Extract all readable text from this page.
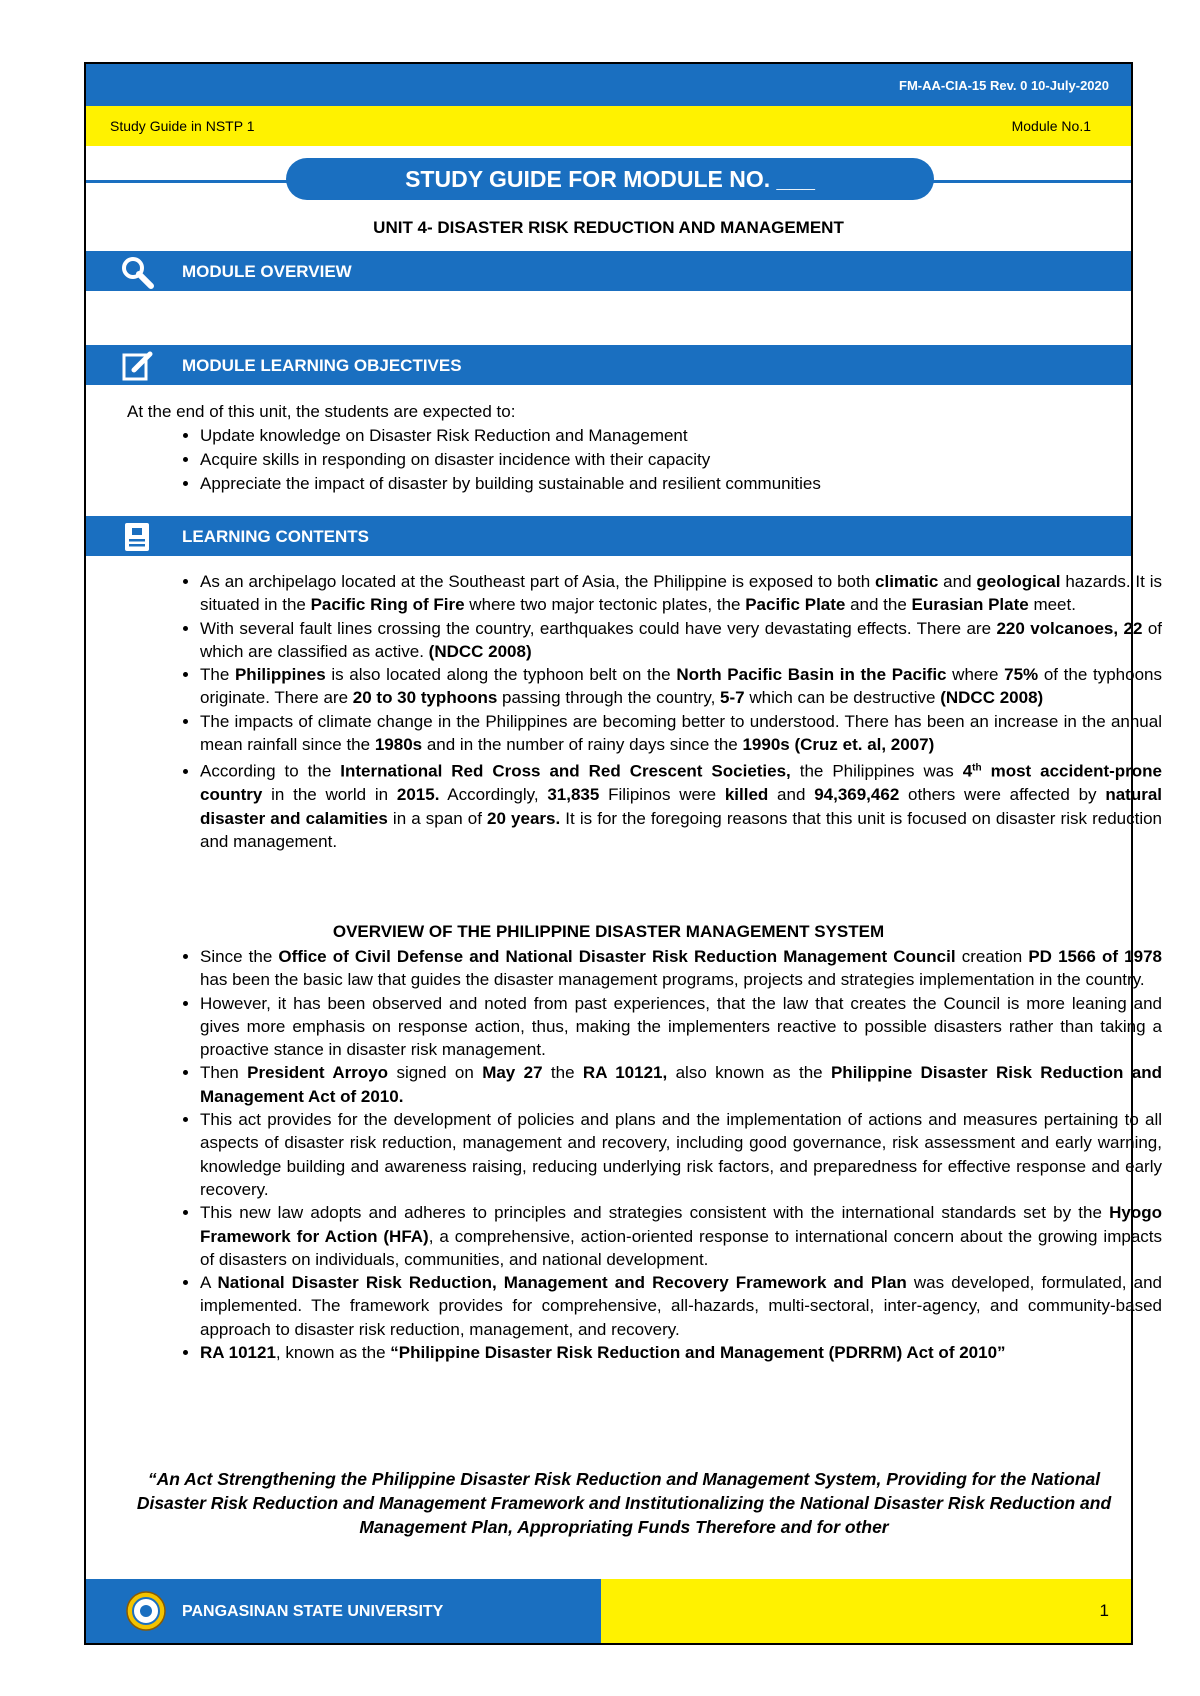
FM-AA-CIA-15 Rev. 0 10-July-2020
Study Guide in NSTP 1	Module No.1
STUDY GUIDE FOR MODULE NO. ___
UNIT 4- DISASTER RISK REDUCTION AND MANAGEMENT
MODULE OVERVIEW
MODULE LEARNING OBJECTIVES
At the end of this unit, the students are expected to:
• Update knowledge on Disaster Risk Reduction and Management
• Acquire skills in responding on disaster incidence with their capacity
• Appreciate the impact of disaster by building sustainable and resilient communities
LEARNING CONTENTS
• As an archipelago located at the Southeast part of Asia, the Philippine is exposed to both climatic and geological hazards. It is situated in the Pacific Ring of Fire where two major tectonic plates, the Pacific Plate and the Eurasian Plate meet.
• With several fault lines crossing the country, earthquakes could have very devastating effects. There are 220 volcanoes, 22 of which are classified as active. (NDCC 2008)
• The Philippines is also located along the typhoon belt on the North Pacific Basin in the Pacific where 75% of the typhoons originate. There are 20 to 30 typhoons passing through the country, 5-7 which can be destructive (NDCC 2008)
• The impacts of climate change in the Philippines are becoming better to understood. There has been an increase in the annual mean rainfall since the 1980s and in the number of rainy days since the 1990s (Cruz et. al, 2007)
• According to the International Red Cross and Red Crescent Societies, the Philippines was 4th most accident-prone country in the world in 2015. Accordingly, 31,835 Filipinos were killed and 94,369,462 others were affected by natural disaster and calamities in a span of 20 years. It is for the foregoing reasons that this unit is focused on disaster risk reduction and management.
OVERVIEW OF THE PHILIPPINE DISASTER MANAGEMENT SYSTEM
• Since the Office of Civil Defense and National Disaster Risk Reduction Management Council creation PD 1566 of 1978 has been the basic law that guides the disaster management programs, projects and strategies implementation in the country.
• However, it has been observed and noted from past experiences, that the law that creates the Council is more leaning and gives more emphasis on response action, thus, making the implementers reactive to possible disasters rather than taking a proactive stance in disaster risk management.
• Then President Arroyo signed on May 27 the RA 10121, also known as the Philippine Disaster Risk Reduction and Management Act of 2010.
• This act provides for the development of policies and plans and the implementation of actions and measures pertaining to all aspects of disaster risk reduction, management and recovery, including good governance, risk assessment and early warning, knowledge building and awareness raising, reducing underlying risk factors, and preparedness for effective response and early recovery.
• This new law adopts and adheres to principles and strategies consistent with the international standards set by the Hyogo Framework for Action (HFA), a comprehensive, action-oriented response to international concern about the growing impacts of disasters on individuals, communities, and national development.
• A National Disaster Risk Reduction, Management and Recovery Framework and Plan was developed, formulated, and implemented. The framework provides for comprehensive, all-hazards, multi-sectoral, inter-agency, and community-based approach to disaster risk reduction, management, and recovery.
• RA 10121, known as the “Philippine Disaster Risk Reduction and Management (PDRRM) Act of 2010”
“An Act Strengthening the Philippine Disaster Risk Reduction and Management System, Providing for the National Disaster Risk Reduction and Management Framework and Institutionalizing the National Disaster Risk Reduction and Management Plan, Appropriating Funds Therefore and for other
PANGASINAN STATE UNIVERSITY	1
